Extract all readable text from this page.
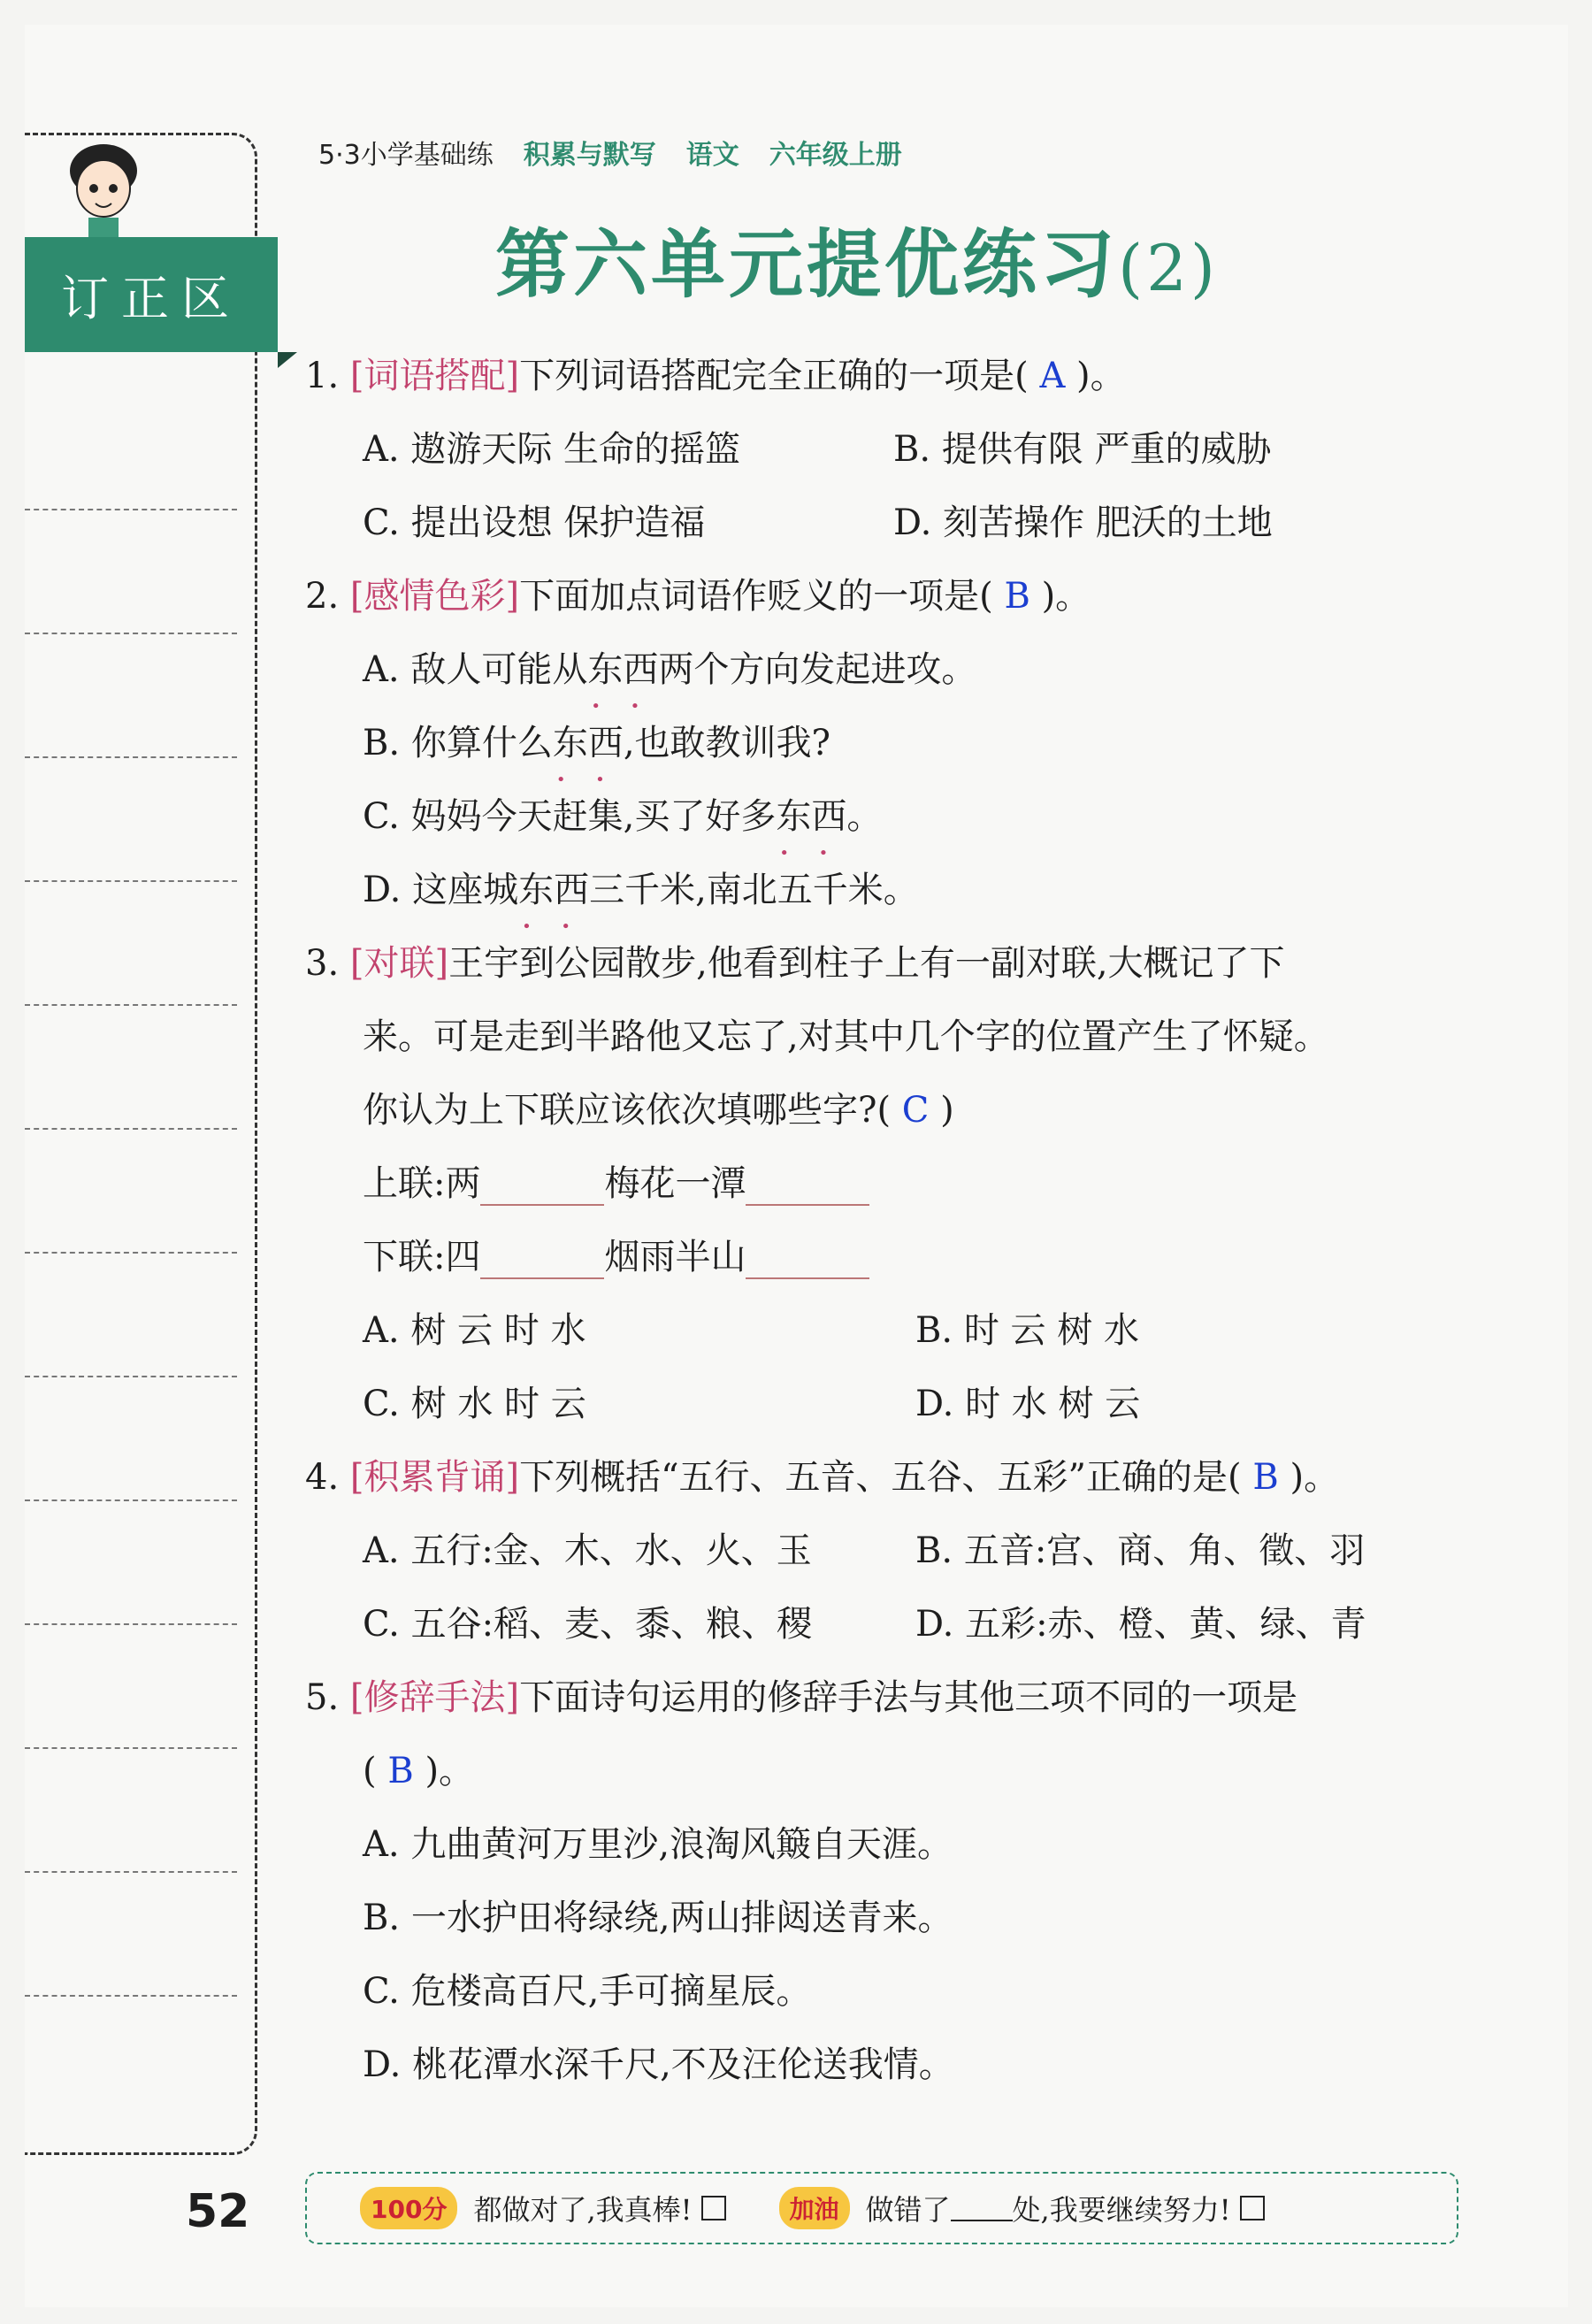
订正区
5·3小学基础练 积累与默写 语文 六年级上册
第六单元提优练习(2)
1. [词语搭配]下列词语搭配完全正确的一项是( A )。
A. 遨游天际 生命的摇篮	B. 提供有限 严重的威胁
C. 提出设想 保护造福	D. 刻苦操作 肥沃的土地
2. [感情色彩]下面加点词语作贬义的一项是( B )。
A. 敌人可能从东西 • •两个方向发起进攻。
B. 你算什么东西 • •,也敢教训我?
C. 妈妈今天赶集,买了好多东西 • •。
D. 这座城东西 • •三千米,南北五千米。
3. [对联]王宇到公园散步,他看到柱子上有一副对联,大概记了下
来。可是走到半路他又忘了,对其中几个字的位置产生了怀疑。
你认为上下联应该依次填哪些字?( C )
上联:两	梅花一潭
下联:四	烟雨半山
A. 树 云 时 水	B. 时 云 树 水
C. 树 水 时 云	D. 时 水 树 云
4. [积累背诵]下列概括“五行、五音、五谷、五彩”正确的是( B )。
A. 五行:金、木、水、火、玉	B. 五音:宫、商、角、徵、羽
C. 五谷:稻、麦、黍、粮、稷	D. 五彩:赤、橙、黄、绿、青
5. [修辞手法]下面诗句运用的修辞手法与其他三项不同的一项是
( B )。
A. 九曲黄河万里沙,浪淘风簸自天涯。
B. 一水护田将绿绕,两山排闼送青来。
C. 危楼高百尺,手可摘星辰。
D. 桃花潭水深千尺,不及汪伦送我情。
52	100分 都做对了,我真棒!	加油 做错了 处,我要继续努力!
